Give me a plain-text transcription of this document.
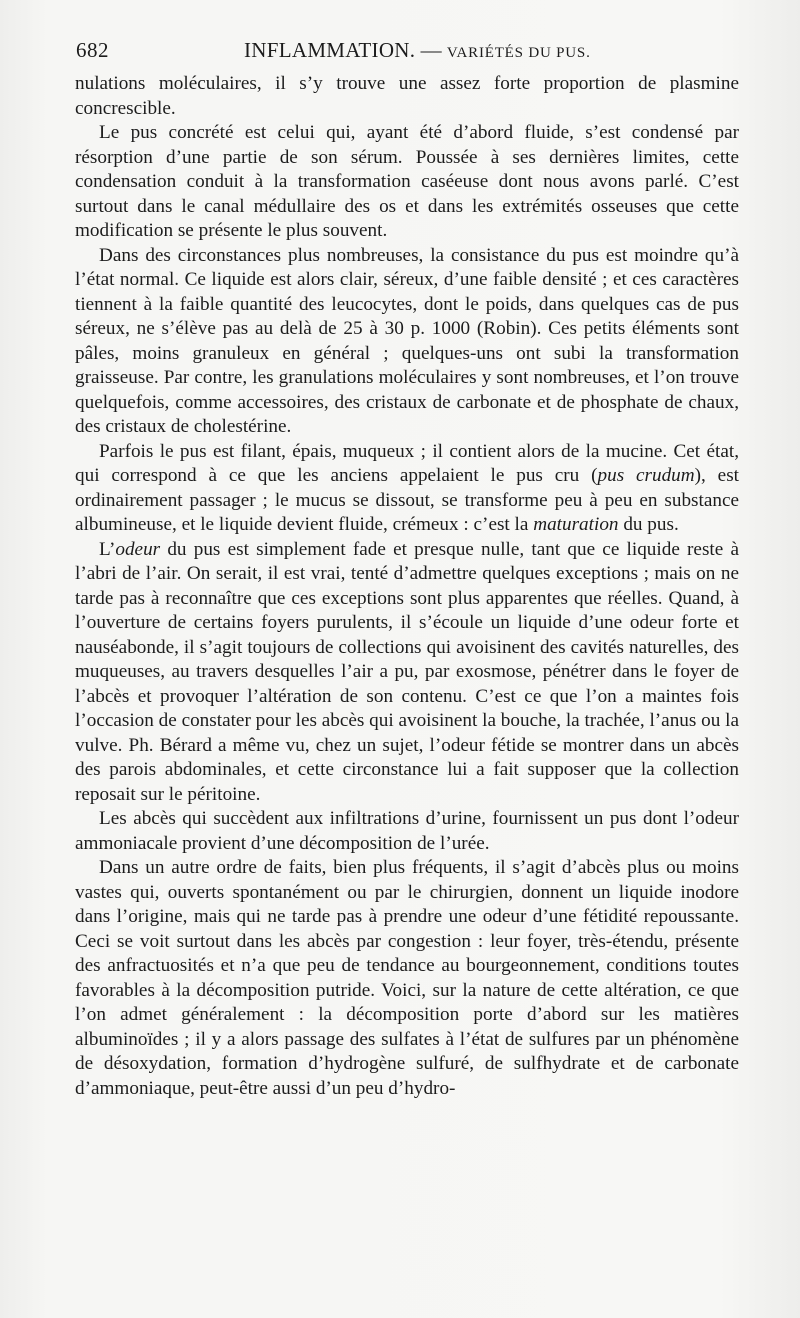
682	INFLAMMATION. — VARIÉTÉS DU PUS.

nulations moléculaires, il s’y trouve une assez forte proportion de plasmine concrescible.

Le pus concrété est celui qui, ayant été d’abord fluide, s’est condensé par résorption d’une partie de son sérum. Poussée à ses dernières limites, cette condensation conduit à la transformation caséeuse dont nous avons parlé. C’est surtout dans le canal médullaire des os et dans les extrémités osseuses que cette modification se présente le plus souvent.

Dans des circonstances plus nombreuses, la consistance du pus est moindre qu’à l’état normal. Ce liquide est alors clair, séreux, d’une faible densité ; et ces caractères tiennent à la faible quantité des leucocytes, dont le poids, dans quelques cas de pus séreux, ne s’élève pas au delà de 25 à 30 p. 1000 (Robin). Ces petits éléments sont pâles, moins granuleux en général ; quelques-uns ont subi la transformation graisseuse. Par contre, les granulations moléculaires y sont nombreuses, et l’on trouve quelquefois, comme accessoires, des cristaux de carbonate et de phosphate de chaux, des cristaux de cholestérine.

Parfois le pus est filant, épais, muqueux ; il contient alors de la mucine. Cet état, qui correspond à ce que les anciens appelaient le pus cru (pus crudum), est ordinairement passager ; le mucus se dissout, se transforme peu à peu en substance albumineuse, et le liquide devient fluide, crémeux : c’est la maturation du pus.

L’odeur du pus est simplement fade et presque nulle, tant que ce liquide reste à l’abri de l’air. On serait, il est vrai, tenté d’admettre quelques exceptions ; mais on ne tarde pas à reconnaître que ces exceptions sont plus apparentes que réelles. Quand, à l’ouverture de certains foyers purulents, il s’écoule un liquide d’une odeur forte et nauséabonde, il s’agit toujours de collections qui avoisinent des cavités naturelles, des muqueuses, au travers desquelles l’air a pu, par exosmose, pénétrer dans le foyer de l’abcès et provoquer l’altération de son contenu. C’est ce que l’on a maintes fois l’occasion de constater pour les abcès qui avoisinent la bouche, la trachée, l’anus ou la vulve. Ph. Bérard a même vu, chez un sujet, l’odeur fétide se montrer dans un abcès des parois abdominales, et cette circonstance lui a fait supposer que la collection reposait sur le péritoine.

Les abcès qui succèdent aux infiltrations d’urine, fournissent un pus dont l’odeur ammoniacale provient d’une décomposition de l’urée.

Dans un autre ordre de faits, bien plus fréquents, il s’agit d’abcès plus ou moins vastes qui, ouverts spontanément ou par le chirurgien, donnent un liquide inodore dans l’origine, mais qui ne tarde pas à prendre une odeur d’une fétidité repoussante. Ceci se voit surtout dans les abcès par congestion : leur foyer, très-étendu, présente des anfractuosités et n’a que peu de tendance au bourgeonnement, conditions toutes favorables à la décomposition putride. Voici, sur la nature de cette altération, ce que l’on admet généralement : la décomposition porte d’abord sur les matières albuminoïdes ; il y a alors passage des sulfates à l’état de sulfures par un phénomène de désoxydation, formation d’hydrogène sulfuré, de sulfhydrate et de carbonate d’ammoniaque, peut-être aussi d’un peu d’hydro-
